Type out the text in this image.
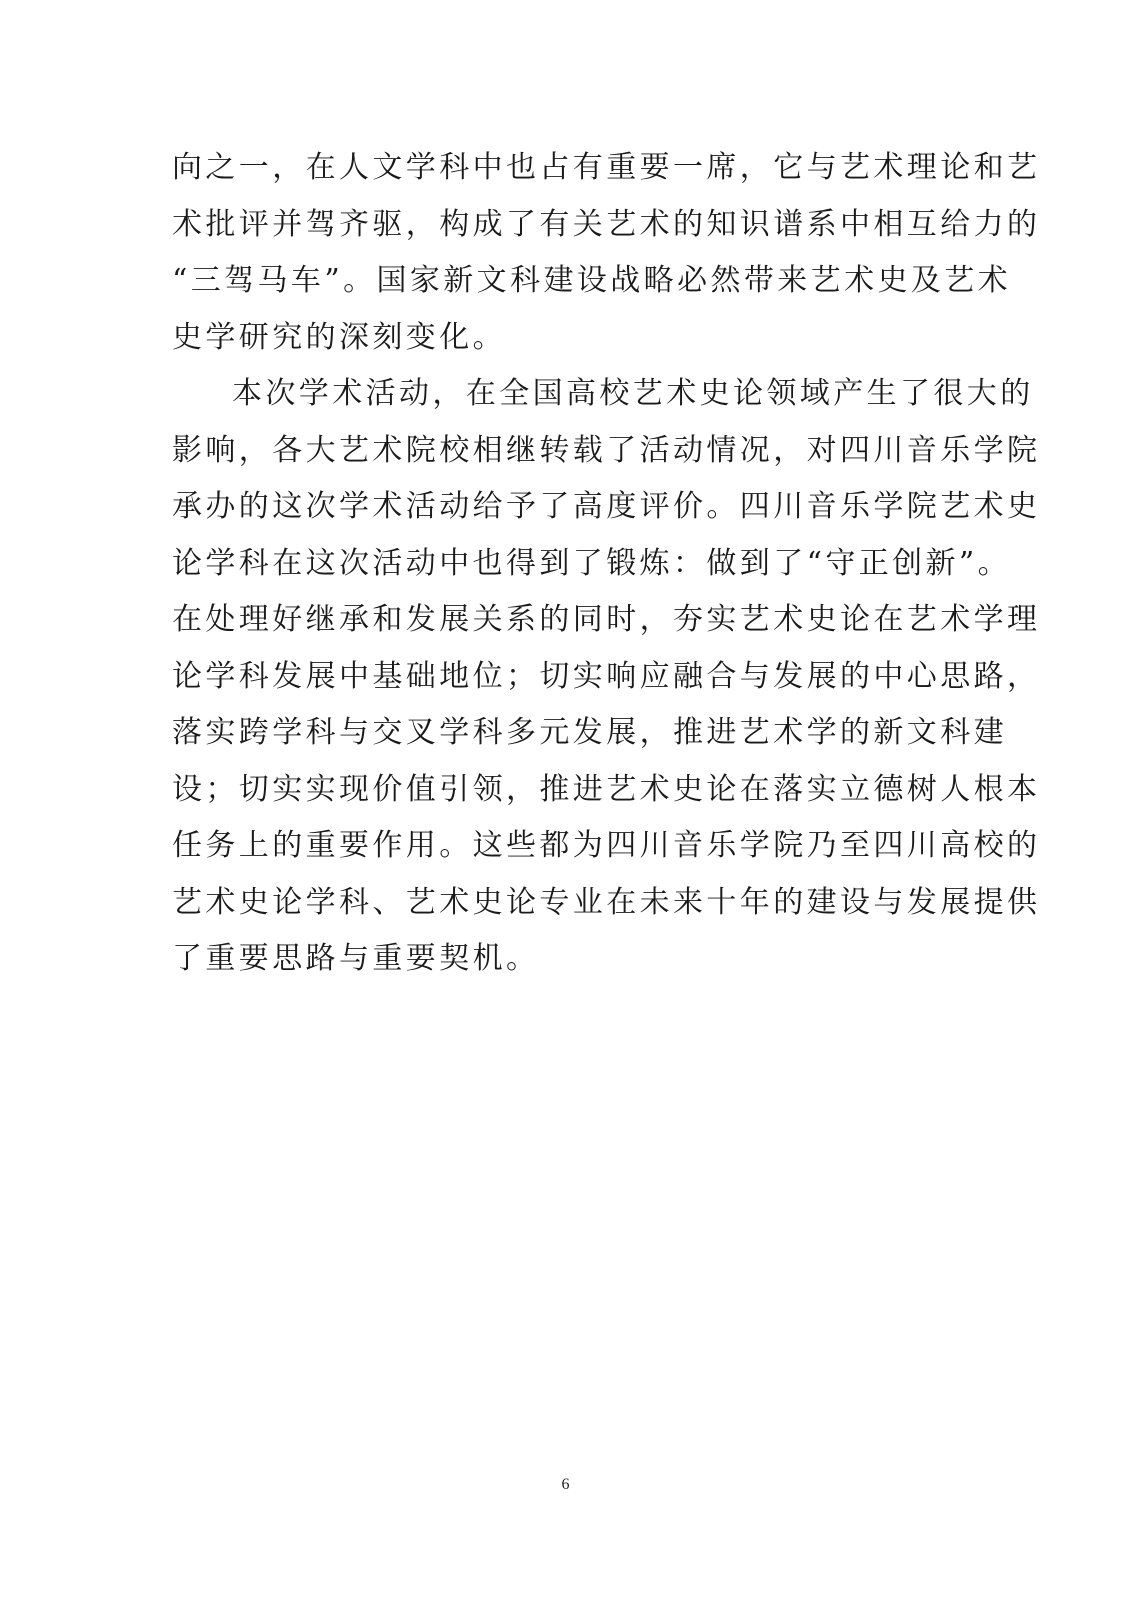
向之一，在人文学科中也占有重要一席，它与艺术理论和艺
术批评并驾齐驱，构成了有关艺术的知识谱系中相互给力的
“三驾马车”。国家新文科建设战略必然带来艺术史及艺术
史学研究的深刻变化。
本次学术活动，在全国高校艺术史论领域产生了很大的
影响，各大艺术院校相继转载了活动情况，对四川音乐学院
承办的这次学术活动给予了高度评价。四川音乐学院艺术史
论学科在这次活动中也得到了锻炼：做到了“守正创新”。
在处理好继承和发展关系的同时，夯实艺术史论在艺术学理
论学科发展中基础地位；切实响应融合与发展的中心思路，
落实跨学科与交叉学科多元发展，推进艺术学的新文科建
设；切实实现价值引领，推进艺术史论在落实立德树人根本
任务上的重要作用。这些都为四川音乐学院乃至四川高校的
艺术史论学科、艺术史论专业在未来十年的建设与发展提供
了重要思路与重要契机。
6
